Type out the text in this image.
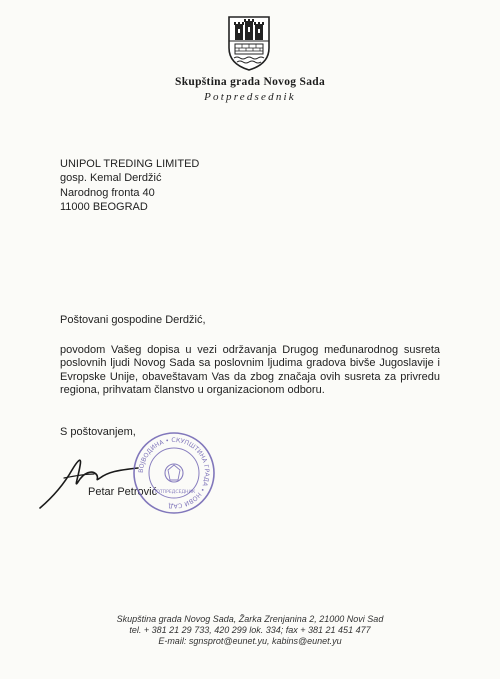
Skupština grada Novog Sada
Potpredsednik
UNIPOL TREDING LIMITED
gosp. Kemal Derdžić
Narodnog fronta 40
11000 BEOGRAD
Poštovani gospodine Derdžić,
povodom Vašeg dopisa u vezi održavanja Drugog međunarodnog susreta
poslovnih ljudi Novog Sada sa poslovnim ljudima gradova bivše Jugoslavije i
Evropske Unije, obaveštavam Vas da zbog značaja ovih susreta za privredu
regiona, prihvatam članstvo u organizacionom odboru.
S poštovanjem,
Petar Petrović
ВОЈВОДИНА • СКУПШТИНА ГРАДА • НОВИ САД
ПОТПРЕДСЕДНИК
Skupština grada Novog Sada, Žarka Zrenjanina 2, 21000 Novi Sad
tel. + 381 21 29 733, 420 299 lok. 334; fax + 381 21 451 477
E-mail: sgnsprot@eunet.yu, kabins@eunet.yu
